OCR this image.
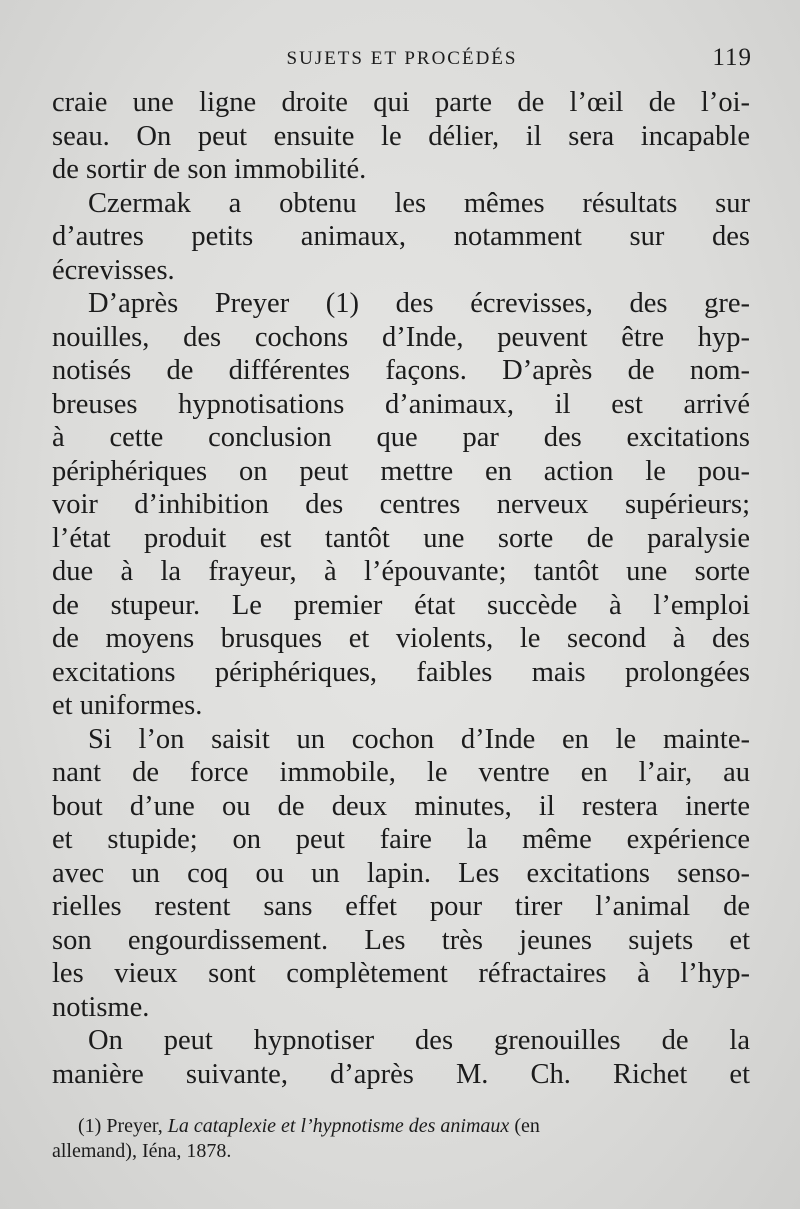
SUJETS ET PROCÉDÉS	119
craie une ligne droite qui parte de l’œil de l’oi-
seau. On peut ensuite le délier, il sera incapable
de sortir de son immobilité.
Czermak a obtenu les mêmes résultats sur
d’autres petits animaux, notamment sur des
écrevisses.
D’après Preyer (1) des écrevisses, des gre-
nouilles, des cochons d’Inde, peuvent être hyp-
notisés de différentes façons. D’après de nom-
breuses hypnotisations d’animaux, il est arrivé
à cette conclusion que par des excitations
périphériques on peut mettre en action le pou-
voir d’inhibition des centres nerveux supérieurs;
l’état produit est tantôt une sorte de paralysie
due à la frayeur, à l’épouvante; tantôt une sorte
de stupeur. Le premier état succède à l’emploi
de moyens brusques et violents, le second à des
excitations périphériques, faibles mais prolongées
et uniformes.
Si l’on saisit un cochon d’Inde en le mainte-
nant de force immobile, le ventre en l’air, au
bout d’une ou de deux minutes, il restera inerte
et stupide; on peut faire la même expérience
avec un coq ou un lapin. Les excitations senso-
rielles restent sans effet pour tirer l’animal de
son engourdissement. Les très jeunes sujets et
les vieux sont complètement réfractaires à l’hyp-
notisme.
On peut hypnotiser des grenouilles de la
manière suivante, d’après M. Ch. Richet et
(1) Preyer, La cataplexie et l’hypnotisme des animaux (en
allemand), Iéna, 1878.
